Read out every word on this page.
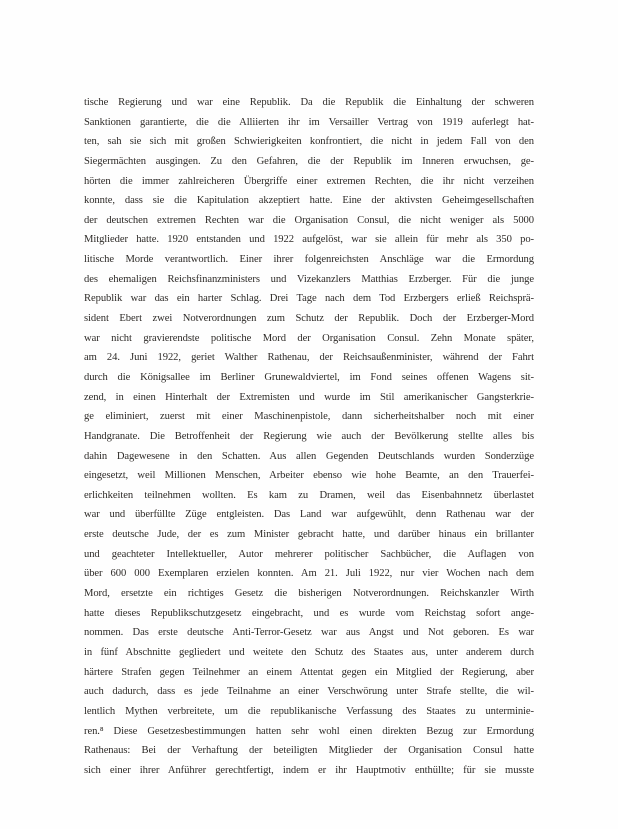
tische Regierung und war eine Republik. Da die Republik die Einhaltung der schweren
Sanktionen garantierte, die die Alliierten ihr im Versailler Vertrag von 1919 auferlegt hat-
ten, sah sie sich mit großen Schwierigkeiten konfrontiert, die nicht in jedem Fall von den
Siegermächten ausgingen. Zu den Gefahren, die der Republik im Inneren erwuchsen, ge-
hörten die immer zahlreicheren Übergriffe einer extremen Rechten, die ihr nicht verzeihen
konnte, dass sie die Kapitulation akzeptiert hatte. Eine der aktivsten Geheimgesellschaften
der deutschen extremen Rechten war die Organisation Consul, die nicht weniger als 5000
Mitglieder hatte. 1920 entstanden und 1922 aufgelöst, war sie allein für mehr als 350 po-
litische Morde verantwortlich. Einer ihrer folgenreichsten Anschläge war die Ermordung
des ehemaligen Reichsfinanzministers und Vizekanzlers Matthias Erzberger. Für die junge
Republik war das ein harter Schlag. Drei Tage nach dem Tod Erzbergers erließ Reichsprä-
sident Ebert zwei Notverordnungen zum Schutz der Republik. Doch der Erzberger-Mord
war nicht gravierendste politische Mord der Organisation Consul. Zehn Monate später,
am 24. Juni 1922, geriet Walther Rathenau, der Reichsaußenminister, während der Fahrt
durch die Königsallee im Berliner Grunewaldviertel, im Fond seines offenen Wagens sit-
zend, in einen Hinterhalt der Extremisten und wurde im Stil amerikanischer Gangsterkrie-
ge eliminiert, zuerst mit einer Maschinenpistole, dann sicherheitshalber noch mit einer
Handgranate. Die Betroffenheit der Regierung wie auch der Bevölkerung stellte alles bis
dahin Dagewesene in den Schatten. Aus allen Gegenden Deutschlands wurden Sonderzüge
eingesetzt, weil Millionen Menschen, Arbeiter ebenso wie hohe Beamte, an den Trauerfei-
erlichkeiten teilnehmen wollten. Es kam zu Dramen, weil das Eisenbahnnetz überlastet
war und überfüllte Züge entgleisten. Das Land war aufgewühlt, denn Rathenau war der
erste deutsche Jude, der es zum Minister gebracht hatte, und darüber hinaus ein brillanter
und geachteter Intellektueller, Autor mehrerer politischer Sachbücher, die Auflagen von
über 600 000 Exemplaren erzielen konnten. Am 21. Juli 1922, nur vier Wochen nach dem
Mord, ersetzte ein richtiges Gesetz die bisherigen Notverordnungen. Reichskanzler Wirth
hatte dieses Republikschutzgesetz eingebracht, und es wurde vom Reichstag sofort ange-
nommen. Das erste deutsche Anti-Terror-Gesetz war aus Angst und Not geboren. Es war
in fünf Abschnitte gegliedert und weitete den Schutz des Staates aus, unter anderem durch
härtere Strafen gegen Teilnehmer an einem Attentat gegen ein Mitglied der Regierung, aber
auch dadurch, dass es jede Teilnahme an einer Verschwörung unter Strafe stellte, die wil-
lentlich Mythen verbreitete, um die republikanische Verfassung des Staates zu unterminie-
ren.⁸ Diese Gesetzesbestimmungen hatten sehr wohl einen direkten Bezug zur Ermordung
Rathenaus: Bei der Verhaftung der beteiligten Mitglieder der Organisation Consul hatte
sich einer ihrer Anführer gerechtfertigt, indem er ihr Hauptmotiv enthüllte; für sie musste
